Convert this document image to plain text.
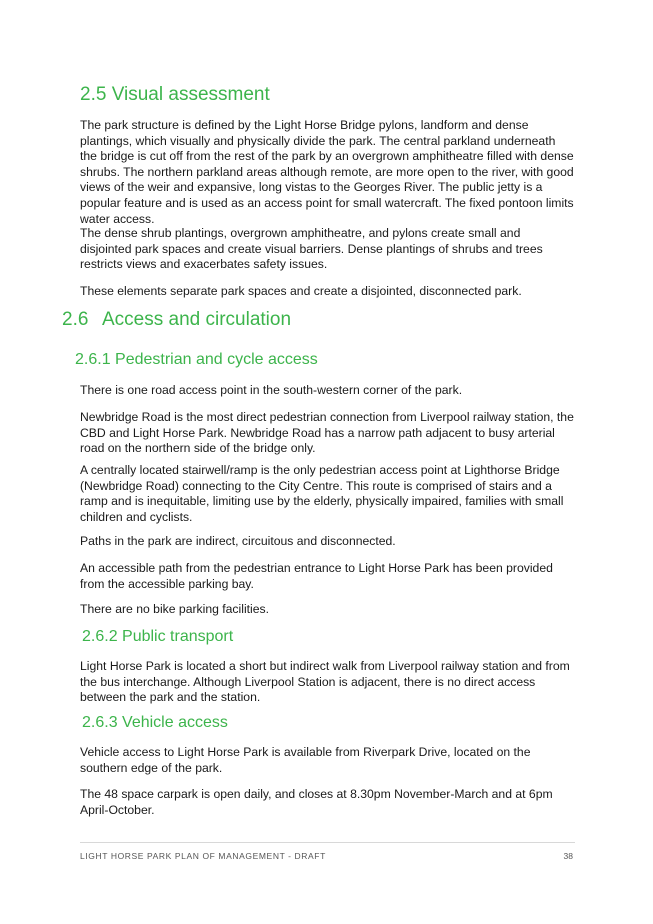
2.5 Visual assessment

The park structure is defined by the Light Horse Bridge pylons, landform and dense plantings, which visually and physically divide the park. The central parkland underneath the bridge is cut off from the rest of the park by an overgrown amphitheatre filled with dense shrubs. The northern parkland areas although remote, are more open to the river, with good views of the weir and expansive, long vistas to the Georges River. The public jetty is a popular feature and is used as an access point for small watercraft. The fixed pontoon limits water access.

The dense shrub plantings, overgrown amphitheatre, and pylons create small and disjointed park spaces and create visual barriers. Dense plantings of shrubs and trees restricts views and exacerbates safety issues.

These elements separate park spaces and create a disjointed, disconnected park.

2.6 Access and circulation
2.6.1 Pedestrian and cycle access

There is one road access point in the south-western corner of the park.

Newbridge Road is the most direct pedestrian connection from Liverpool railway station, the CBD and Light Horse Park. Newbridge Road has a narrow path adjacent to busy arterial road on the northern side of the bridge only.

A centrally located stairwell/ramp is the only pedestrian access point at Lighthorse Bridge (Newbridge Road) connecting to the City Centre. This route is comprised of stairs and a ramp and is inequitable, limiting use by the elderly, physically impaired, families with small children and cyclists.

Paths in the park are indirect, circuitous and disconnected.

An accessible path from the pedestrian entrance to Light Horse Park has been provided from the accessible parking bay.

There are no bike parking facilities.

2.6.2 Public transport

Light Horse Park is located a short but indirect walk from Liverpool railway station and from the bus interchange. Although Liverpool Station is adjacent, there is no direct access between the park and the station.

2.6.3 Vehicle access

Vehicle access to Light Horse Park is available from Riverpark Drive, located on the southern edge of the park.

The 48 space carpark is open daily, and closes at 8.30pm November-March and at 6pm April-October.

LIGHT HORSE PARK PLAN OF MANAGEMENT - DRAFT	38
